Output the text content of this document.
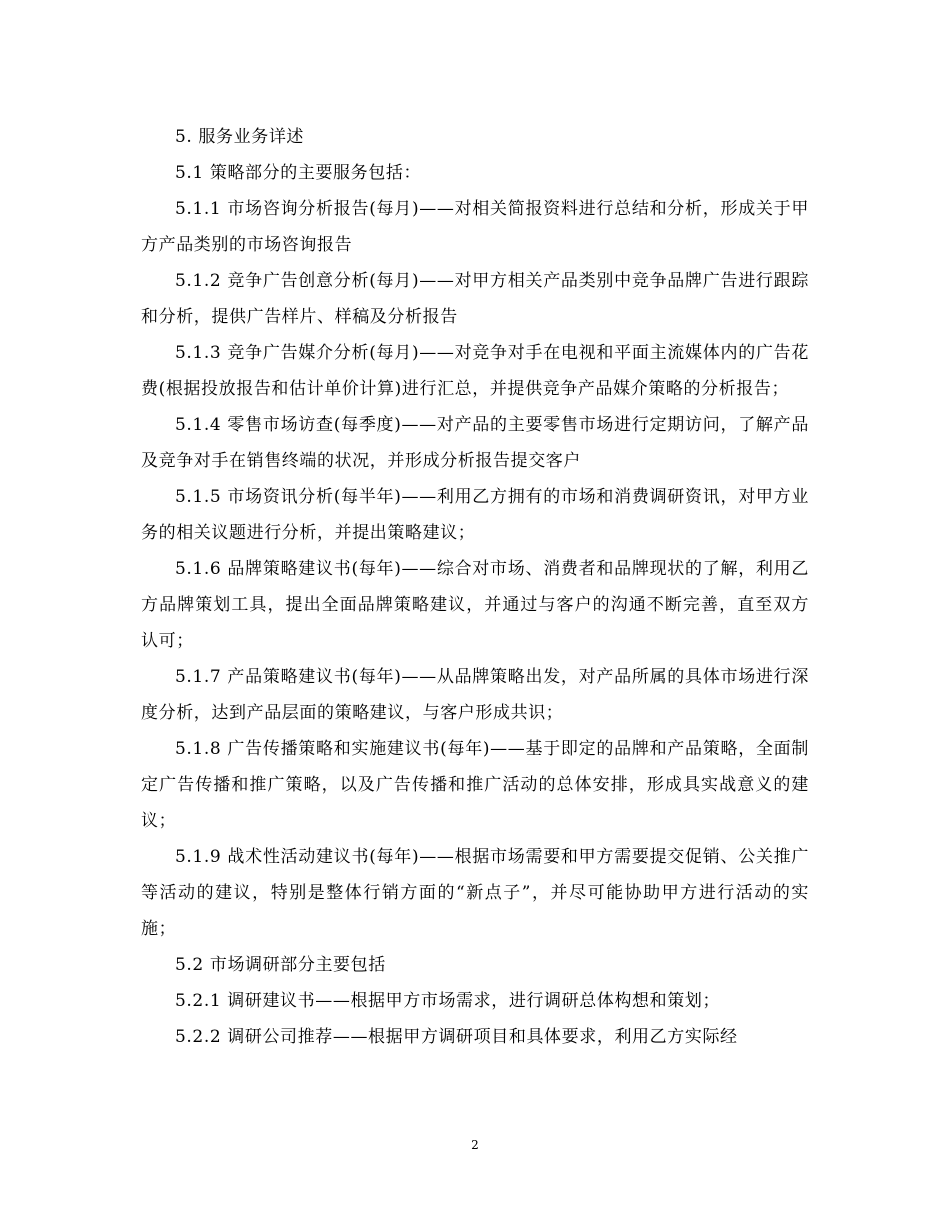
5. 服务业务详述

5.1 策略部分的主要服务包括：

5.1.1 市场咨询分析报告(每月)——对相关简报资料进行总结和分析，形成关于甲方产品类别的市场咨询报告

5.1.2 竞争广告创意分析(每月)——对甲方相关产品类别中竞争品牌广告进行跟踪和分析，提供广告样片、样稿及分析报告

5.1.3 竞争广告媒介分析(每月)——对竞争对手在电视和平面主流媒体内的广告花费(根据投放报告和估计单价计算)进行汇总，并提供竞争产品媒介策略的分析报告；

5.1.4 零售市场访查(每季度)——对产品的主要零售市场进行定期访问，了解产品及竞争对手在销售终端的状况，并形成分析报告提交客户

5.1.5 市场资讯分析(每半年)——利用乙方拥有的市场和消费调研资讯，对甲方业务的相关议题进行分析，并提出策略建议；

5.1.6 品牌策略建议书(每年)——综合对市场、消费者和品牌现状的了解，利用乙方品牌策划工具，提出全面品牌策略建议，并通过与客户的沟通不断完善，直至双方认可；

5.1.7 产品策略建议书(每年)——从品牌策略出发，对产品所属的具体市场进行深度分析，达到产品层面的策略建议，与客户形成共识；

5.1.8 广告传播策略和实施建议书(每年)——基于即定的品牌和产品策略，全面制定广告传播和推广策略，以及广告传播和推广活动的总体安排，形成具实战意义的建议；

5.1.9 战术性活动建议书(每年)——根据市场需要和甲方需要提交促销、公关推广等活动的建议，特别是整体行销方面的“新点子”，并尽可能协助甲方进行活动的实施；

5.2 市场调研部分主要包括

5.2.1 调研建议书——根据甲方市场需求，进行调研总体构想和策划；

5.2.2 调研公司推荐——根据甲方调研项目和具体要求，利用乙方实际经

2
